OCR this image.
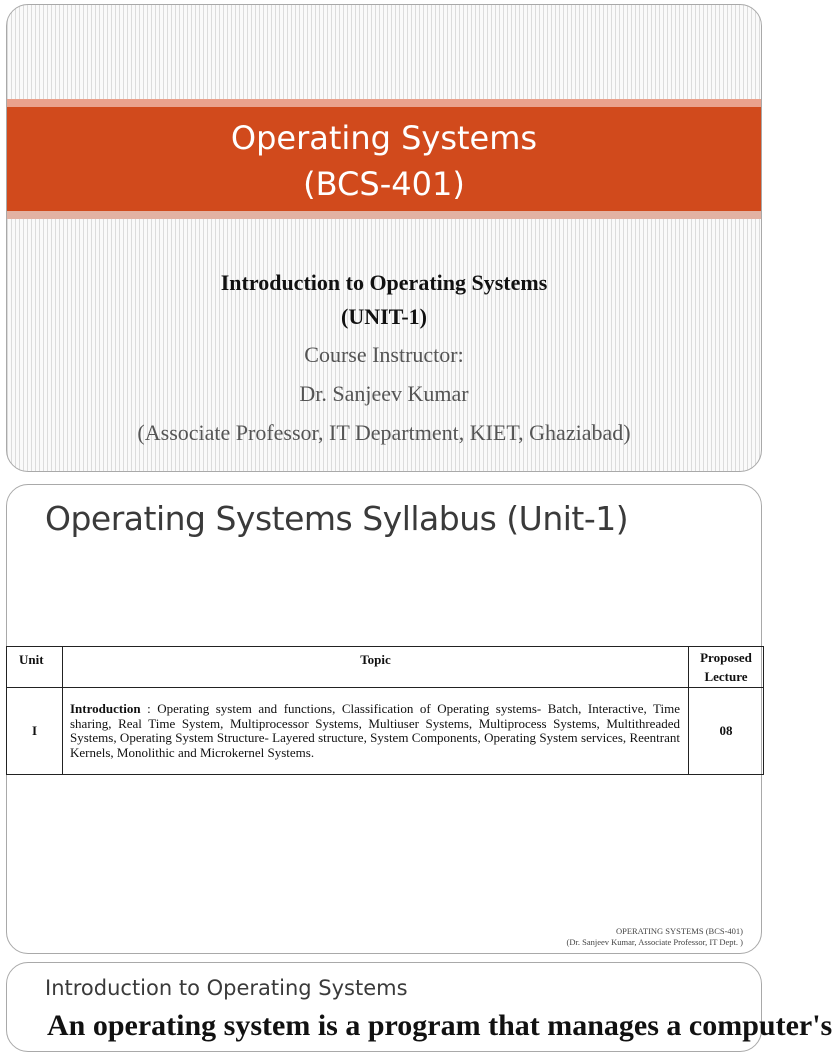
Operating Systems
(BCS-401)
Introduction to Operating Systems
(UNIT-1)
Course Instructor:
Dr. Sanjeev Kumar
(Associate Professor, IT Department, KIET, Ghaziabad)
Operating Systems Syllabus (Unit-1)
Unit	Topic	Proposed
Lecture
I	Introduction : Operating system and functions, Classification of Operating systems- Batch, Interactive, Time sharing, Real Time System, Multiprocessor Systems, Multiuser Systems, Multiprocess Systems, Multithreaded Systems, Operating System Structure- Layered structure, System Components, Operating System services, Reentrant Kernels, Monolithic and Microkernel Systems.	08
OPERATING SYSTEMS (BCS-401)
(Dr. Sanjeev Kumar, Associate Professor, IT Dept. )
Introduction to Operating Systems
An operating system is a program that manages a computer's
